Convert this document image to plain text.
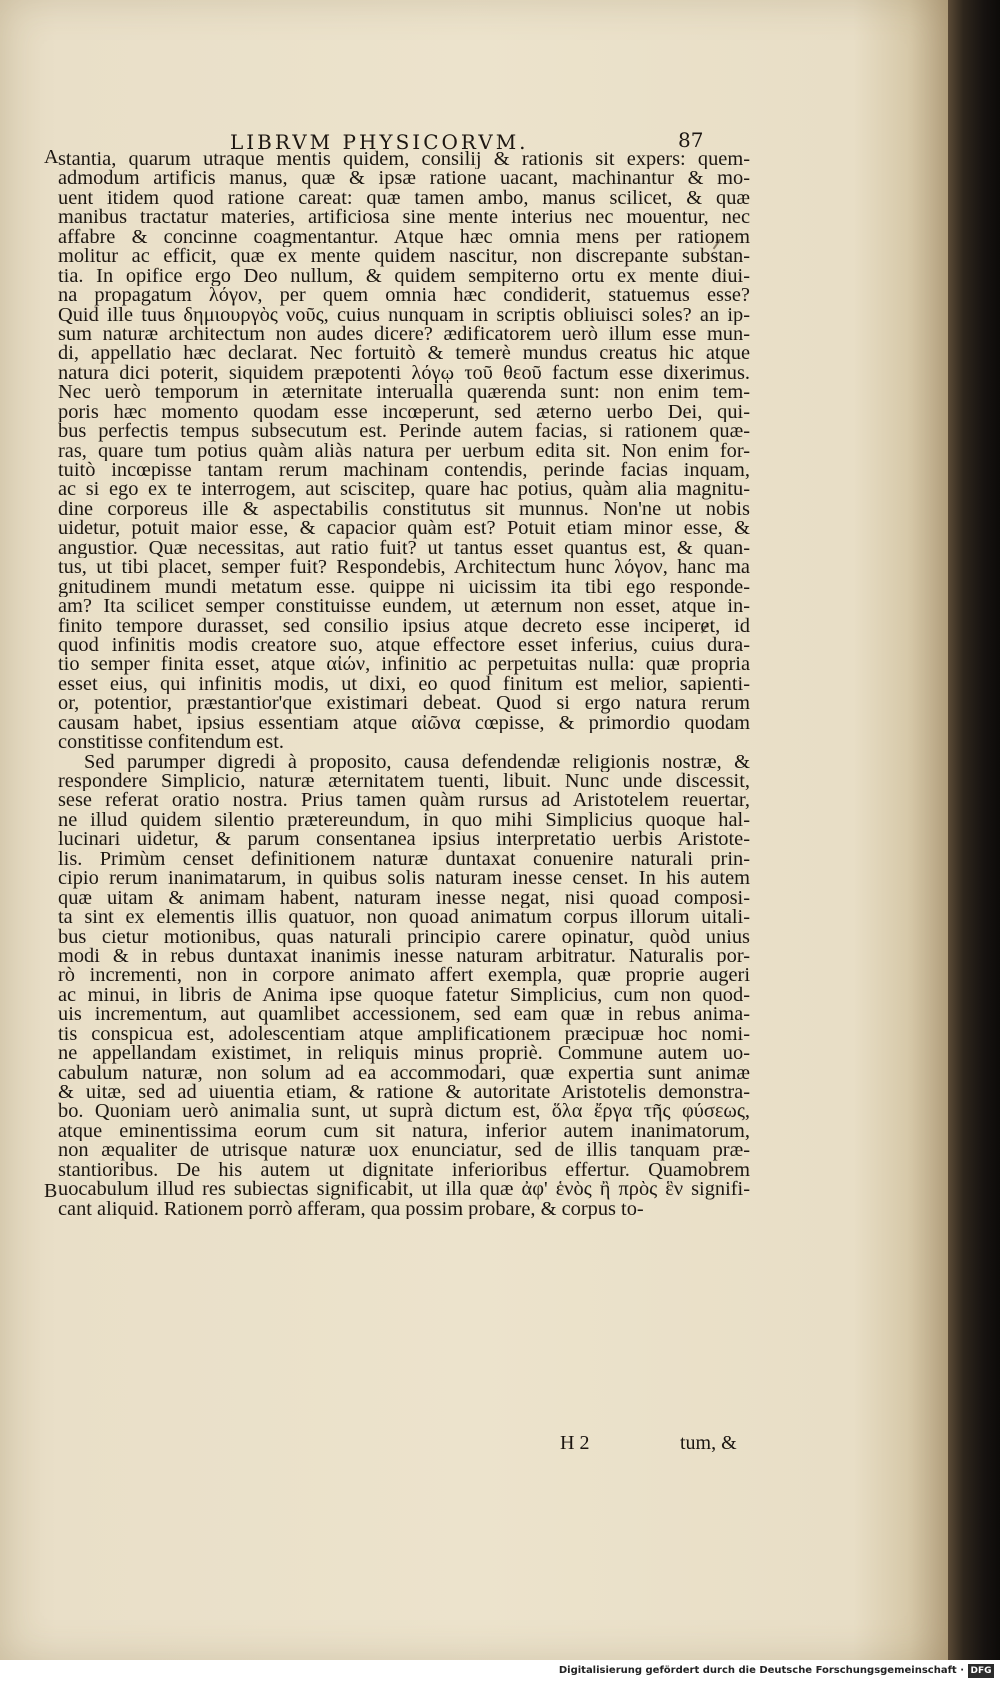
LIBRVM PHYSICORVM.	87
A
B
stantia, quarum utraque mentis quidem, consilij & rationis sit expers: quem-
admodum artificis manus, quæ & ipsæ ratione uacant, machinantur & mo-
uent itidem quod ratione careat: quæ tamen ambo, manus scilicet, & quæ
manibus tractatur materies, artificiosa sine mente interius nec mouentur, nec
affabre & concinne coagmentantur. Atque hæc omnia mens per rationem
molitur ac efficit, quæ ex mente quidem nascitur, non discrepante substan-
tia. In opifice ergo Deo nullum, & quidem sempiterno ortu ex mente diui-
na propagatum λόγον, per quem omnia hæc condiderit, statuemus esse?
Quid ille tuus δημιουργὸς νοῦς, cuius nunquam in scriptis obliuisci soles? an ip-
sum naturæ architectum non audes dicere? ædificatorem uerò illum esse mun-
di, appellatio hæc declarat. Nec fortuitò & temerè mundus creatus hic atque
natura dici poterit, siquidem præpotenti λόγῳ τοῦ θεοῦ factum esse dixerimus.
Nec uerò temporum in æternitate interualla quærenda sunt: non enim tem-
poris hæc momento quodam esse incœperunt, sed æterno uerbo Dei, qui-
bus perfectis tempus subsecutum est. Perinde autem facias, si rationem quæ-
ras, quare tum potius quàm aliàs natura per uerbum edita sit. Non enim for-
tuitò incœpisse tantam rerum machinam contendis, perinde facias inquam,
ac si ego ex te interrogem, aut sciscitер, quare hac potius, quàm alia magnitu-
dine corporeus ille & aspectabilis constitutus sit munnus. Non'ne ut nobis
uidetur, potuit maior esse, & capacior quàm est? Potuit etiam minor esse, &
angustior. Quæ necessitas, aut ratio fuit? ut tantus esset quantus est, & quan-
tus, ut tibi placet, semper fuit? Respondebis, Architectum hunc λόγον, hanc ma
gnitudinem mundi metatum esse. quippe ni uicissim ita tibi ego responde-
am? Ita scilicet semper constituisse eundem, ut æternum non esset, atque in-
finito tempore durasset, sed consilio ipsius atque decreto esse inciperet, id
quod infinitis modis creatore suo, atque effectore esset inferius, cuius dura-
tio semper finita esset, atque αἰών, infinitio ac perpetuitas nulla: quæ propria
esset eius, qui infinitis modis, ut dixi, eo quod finitum est melior, sapienti-
or, potentior, præstantior'que existimari debeat. Quod si ergo natura rerum
causam habet, ipsius essentiam atque αἰῶνα cœpisse, & primordio quodam
constitisse confitendum est.
Sed parumper digredi à proposito, causa defendendæ religionis nostræ, &
respondere Simplicio, naturæ æternitatem tuenti, libuit. Nunc unde discessit,
sese referat oratio nostra. Prius tamen quàm rursus ad Aristotelem reuertar,
ne illud quidem silentio prætereundum, in quo mihi Simplicius quoque hal-
lucinari uidetur, & parum consentanea ipsius interpretatio uerbis Aristote-
lis. Primùm censet definitionem naturæ duntaxat conuenire naturali prin-
cipio rerum inanimatarum, in quibus solis naturam inesse censet. In his autem
quæ uitam & animam habent, naturam inesse negat, nisi quoad composi-
ta sint ex elementis illis quatuor, non quoad animatum corpus illorum uitali-
bus cietur motionibus, quas naturali principio carere opinatur, quòd unius
modi & in rebus duntaxat inanimis inesse naturam arbitratur. Naturalis por-
rò incrementi, non in corpore animato affert exempla, quæ proprie augeri
ac minui, in libris de Anima ipse quoque fatetur Simplicius, cum non quod-
uis incrementum, aut quamlibet accessionem, sed eam quæ in rebus anima-
tis conspicua est, adolescentiam atque amplificationem præcipuæ hoc nomi-
ne appellandam existimet, in reliquis minus propriè. Commune autem uo-
cabulum naturæ, non solum ad ea accommodari, quæ expertia sunt animæ
& uitæ, sed ad uiuentia etiam, & ratione & autoritate Aristotelis demonstra-
bo. Quoniam uerò animalia sunt, ut suprà dictum est, ὅλα ἔργα τῆς φύσεως,
atque eminentissima eorum cum sit natura, inferior autem inanimatorum,
non æqualiter de utrisque naturæ uox enunciatur, sed de illis tanquam præ-
stantioribus. De his autem ut dignitate inferioribus effertur. Quamobrem
uocabulum illud res subiectas significabit, ut illa quæ ἀφ' ἑνὸς ἢ πρὸς ἓν signifi-
cant aliquid. Rationem porrò afferam, qua possim probare, & corpus to-
H 2	tum, &
Digitalisierung gefördert durch die Deutsche Forschungsgemeinschaft · DFG
